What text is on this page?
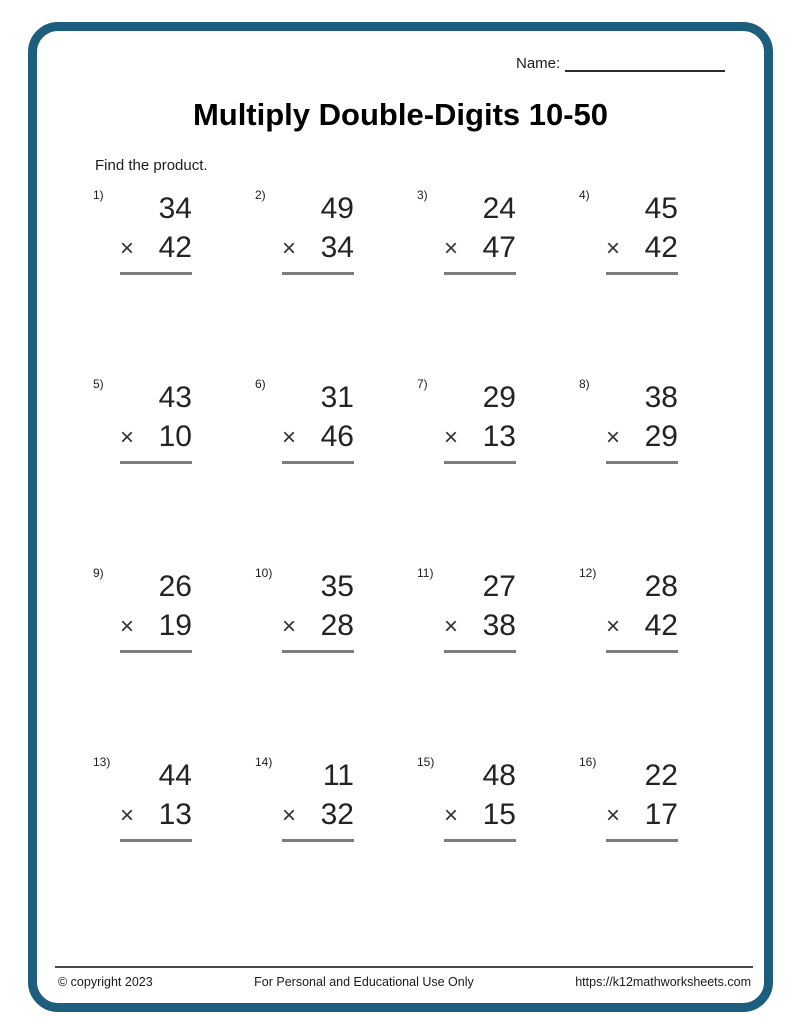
Name:
Multiply Double-Digits 10-50
Find the product.
1)	34
× 42
2)	49
× 34
3)	24
× 47
4)	45
× 42
5)	43
× 10
6)	31
× 46
7)	29
× 13
8)	38
× 29
9)	26
× 19
10)	35
× 28
11)	27
× 38
12)	28
× 42
13)	44
× 13
14)	11
× 32
15)	48
× 15
16)	22
× 17
© copyright 2023	For Personal and Educational Use Only	https://k12mathworksheets.com
